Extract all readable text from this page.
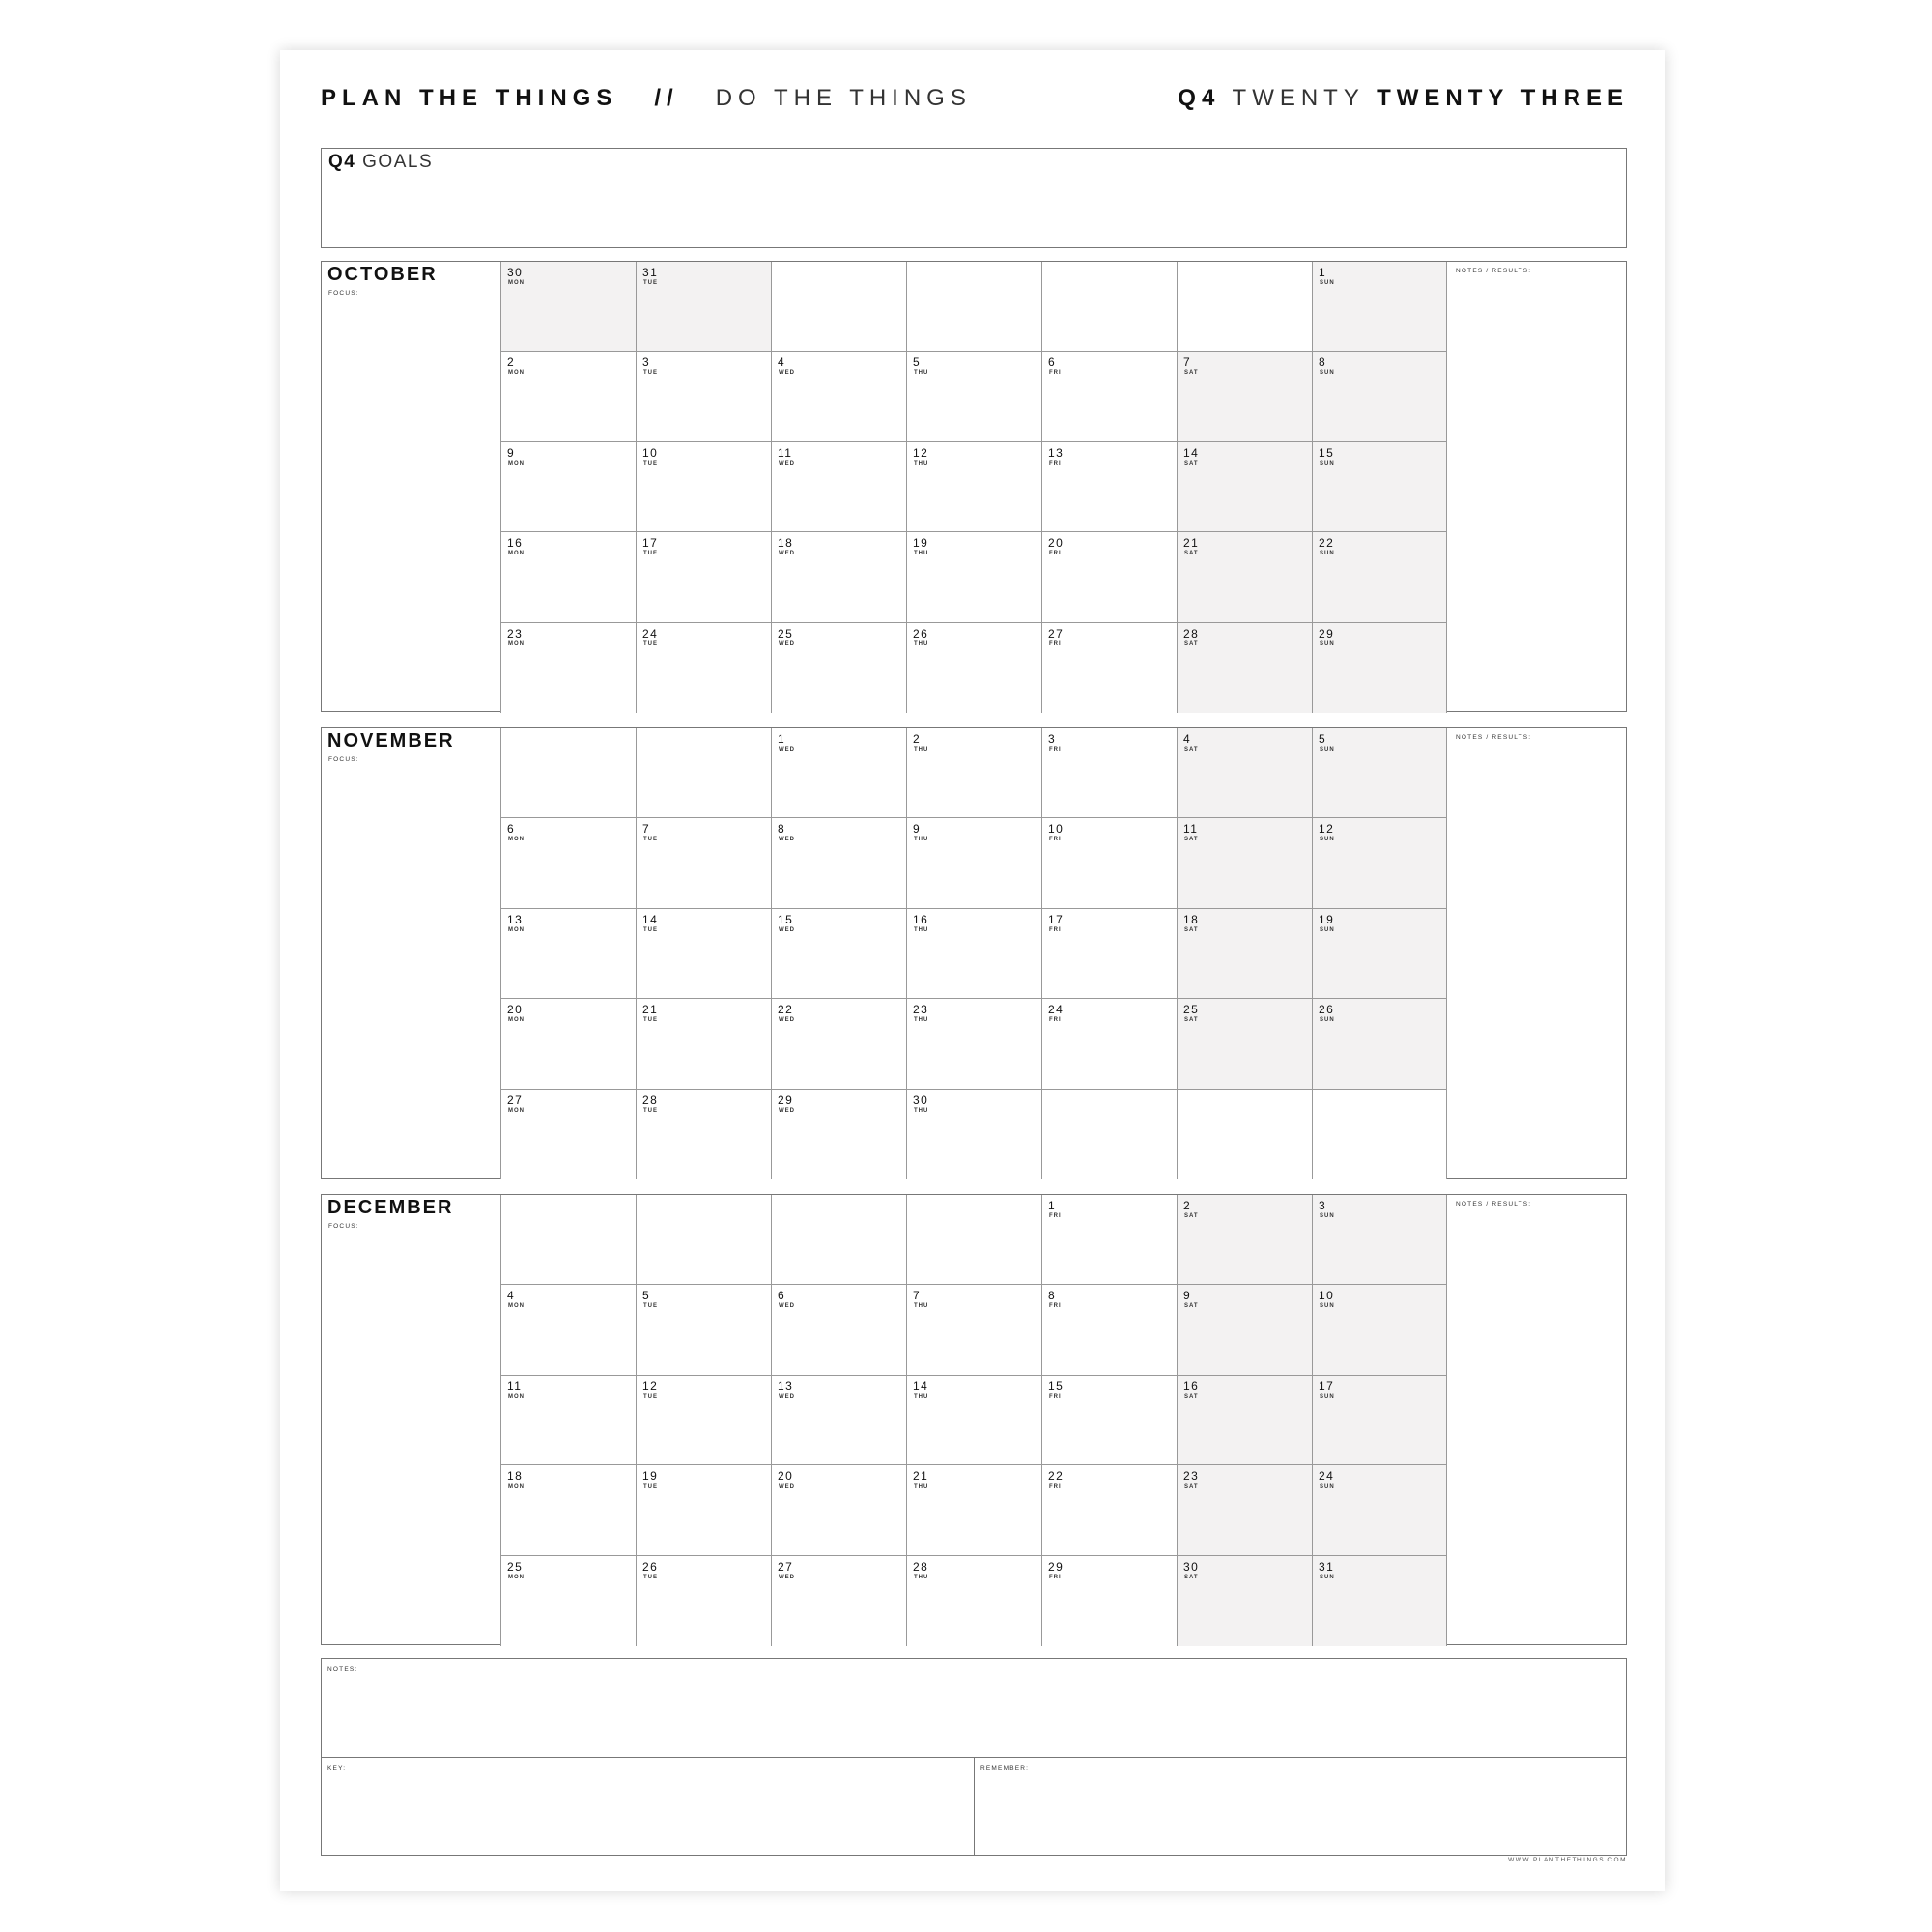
PLAN THE THINGS // DO THE THINGS	Q4 TWENTY TWENTY THREE
Q4 GOALS
OCTOBER
FOCUS:
NOTES / RESULTS:
30
MON
31
TUE
1
SUN
2
MON
3
TUE
4
WED
5
THU
6
FRI
7
SAT
8
SUN
9
MON
10
TUE
11
WED
12
THU
13
FRI
14
SAT
15
SUN
16
MON
17
TUE
18
WED
19
THU
20
FRI
21
SAT
22
SUN
23
MON
24
TUE
25
WED
26
THU
27
FRI
28
SAT
29
SUN
NOVEMBER
FOCUS:
NOTES / RESULTS:
1
WED
2
THU
3
FRI
4
SAT
5
SUN
6
MON
7
TUE
8
WED
9
THU
10
FRI
11
SAT
12
SUN
13
MON
14
TUE
15
WED
16
THU
17
FRI
18
SAT
19
SUN
20
MON
21
TUE
22
WED
23
THU
24
FRI
25
SAT
26
SUN
27
MON
28
TUE
29
WED
30
THU
DECEMBER
FOCUS:
NOTES / RESULTS:
1
FRI
2
SAT
3
SUN
4
MON
5
TUE
6
WED
7
THU
8
FRI
9
SAT
10
SUN
11
MON
12
TUE
13
WED
14
THU
15
FRI
16
SAT
17
SUN
18
MON
19
TUE
20
WED
21
THU
22
FRI
23
SAT
24
SUN
25
MON
26
TUE
27
WED
28
THU
29
FRI
30
SAT
31
SUN
NOTES:
KEY:	REMEMBER:
WWW.PLANTHETHINGS.COM
